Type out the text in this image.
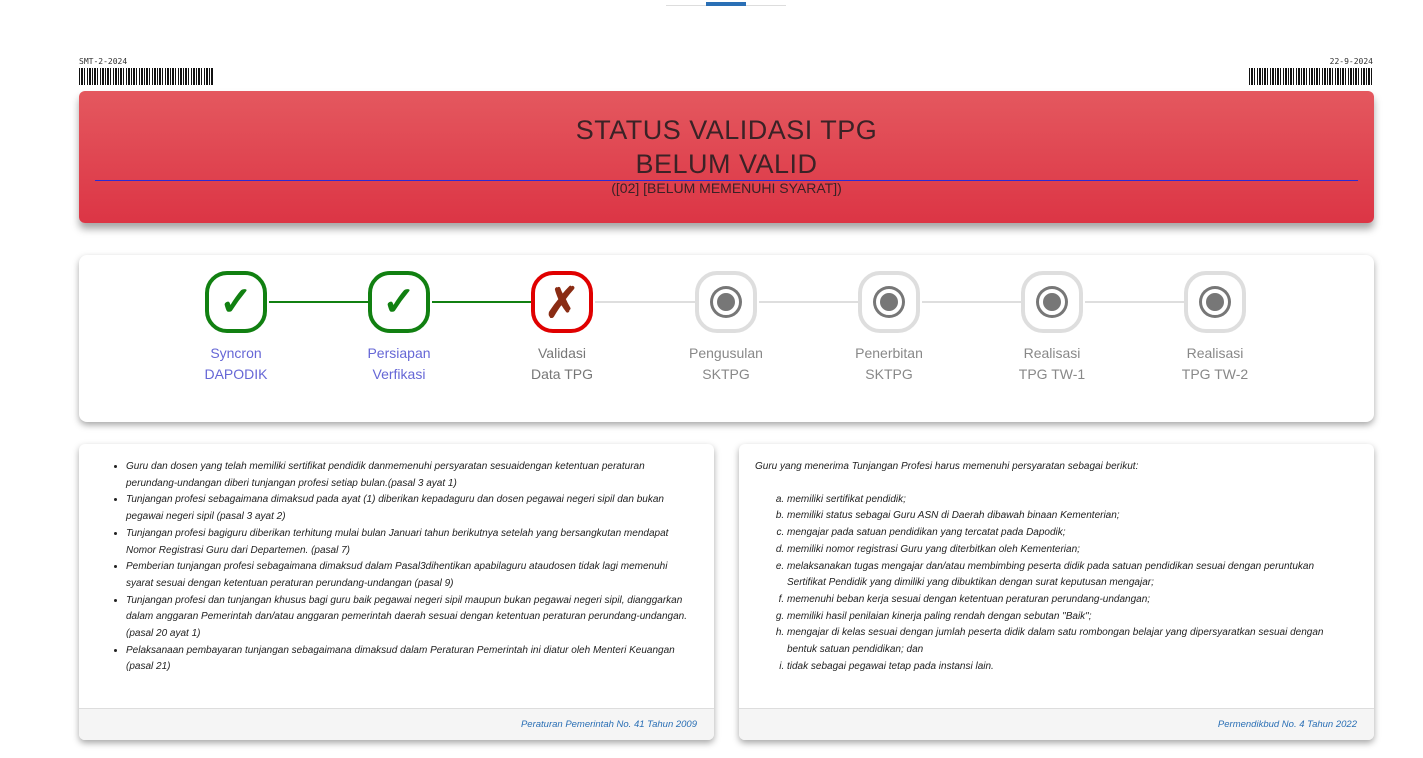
SMT-2-2024	22-9-2024
STATUS VALIDASI TPG
BELUM VALID
([02] [BELUM MEMENUHI SYARAT])
✓
Syncron
DAPODIK
✓
Persiapan
Verfikasi
✗
Validasi
Data TPG
Pengusulan
SKTPG
Penerbitan
SKTPG
Realisasi
TPG TW-1
Realisasi
TPG TW-2
• Guru dan dosen yang telah memiliki sertifikat pendidik danmemenuhi persyaratan sesuaidengan ketentuan peraturan perundang-undangan diberi tunjangan profesi setiap bulan.(pasal 3 ayat 1)
• Tunjangan profesi sebagaimana dimaksud pada ayat (1) diberikan kepadaguru dan dosen pegawai negeri sipil dan bukan pegawai negeri sipil (pasal 3 ayat 2)
• Tunjangan profesi bagiguru diberikan terhitung mulai bulan Januari tahun berikutnya setelah yang bersangkutan mendapat Nomor Registrasi Guru dari Departemen. (pasal 7)
• Pemberian tunjangan profesi sebagaimana dimaksud dalam Pasal3dihentikan apabilaguru ataudosen tidak lagi memenuhi syarat sesuai dengan ketentuan peraturan perundang-undangan (pasal 9)
• Tunjangan profesi dan tunjangan khusus bagi guru baik pegawai negeri sipil maupun bukan pegawai negeri sipil, dianggarkan dalam anggaran Pemerintah dan/atau anggaran pemerintah daerah sesuai dengan ketentuan peraturan perundang-undangan. (pasal 20 ayat 1)
• Pelaksanaan pembayaran tunjangan sebagaimana dimaksud dalam Peraturan Pemerintah ini diatur oleh Menteri Keuangan (pasal 21)
Peraturan Pemerintah No. 41 Tahun 2009
Guru yang menerima Tunjangan Profesi harus memenuhi persyaratan sebagai berikut:
a. memiliki sertifikat pendidik;
b. memiliki status sebagai Guru ASN di Daerah dibawah binaan Kementerian;
c. mengajar pada satuan pendidikan yang tercatat pada Dapodik;
d. memiliki nomor registrasi Guru yang diterbitkan oleh Kementerian;
e. melaksanakan tugas mengajar dan/atau membimbing peserta didik pada satuan pendidikan sesuai dengan peruntukan Sertifikat Pendidik yang dimiliki yang dibuktikan dengan surat keputusan mengajar;
f. memenuhi beban kerja sesuai dengan ketentuan peraturan perundang-undangan;
g. memiliki hasil penilaian kinerja paling rendah dengan sebutan "Baik";
h. mengajar di kelas sesuai dengan jumlah peserta didik dalam satu rombongan belajar yang dipersyaratkan sesuai dengan bentuk satuan pendidikan; dan
i. tidak sebagai pegawai tetap pada instansi lain.
Permendikbud No. 4 Tahun 2022
